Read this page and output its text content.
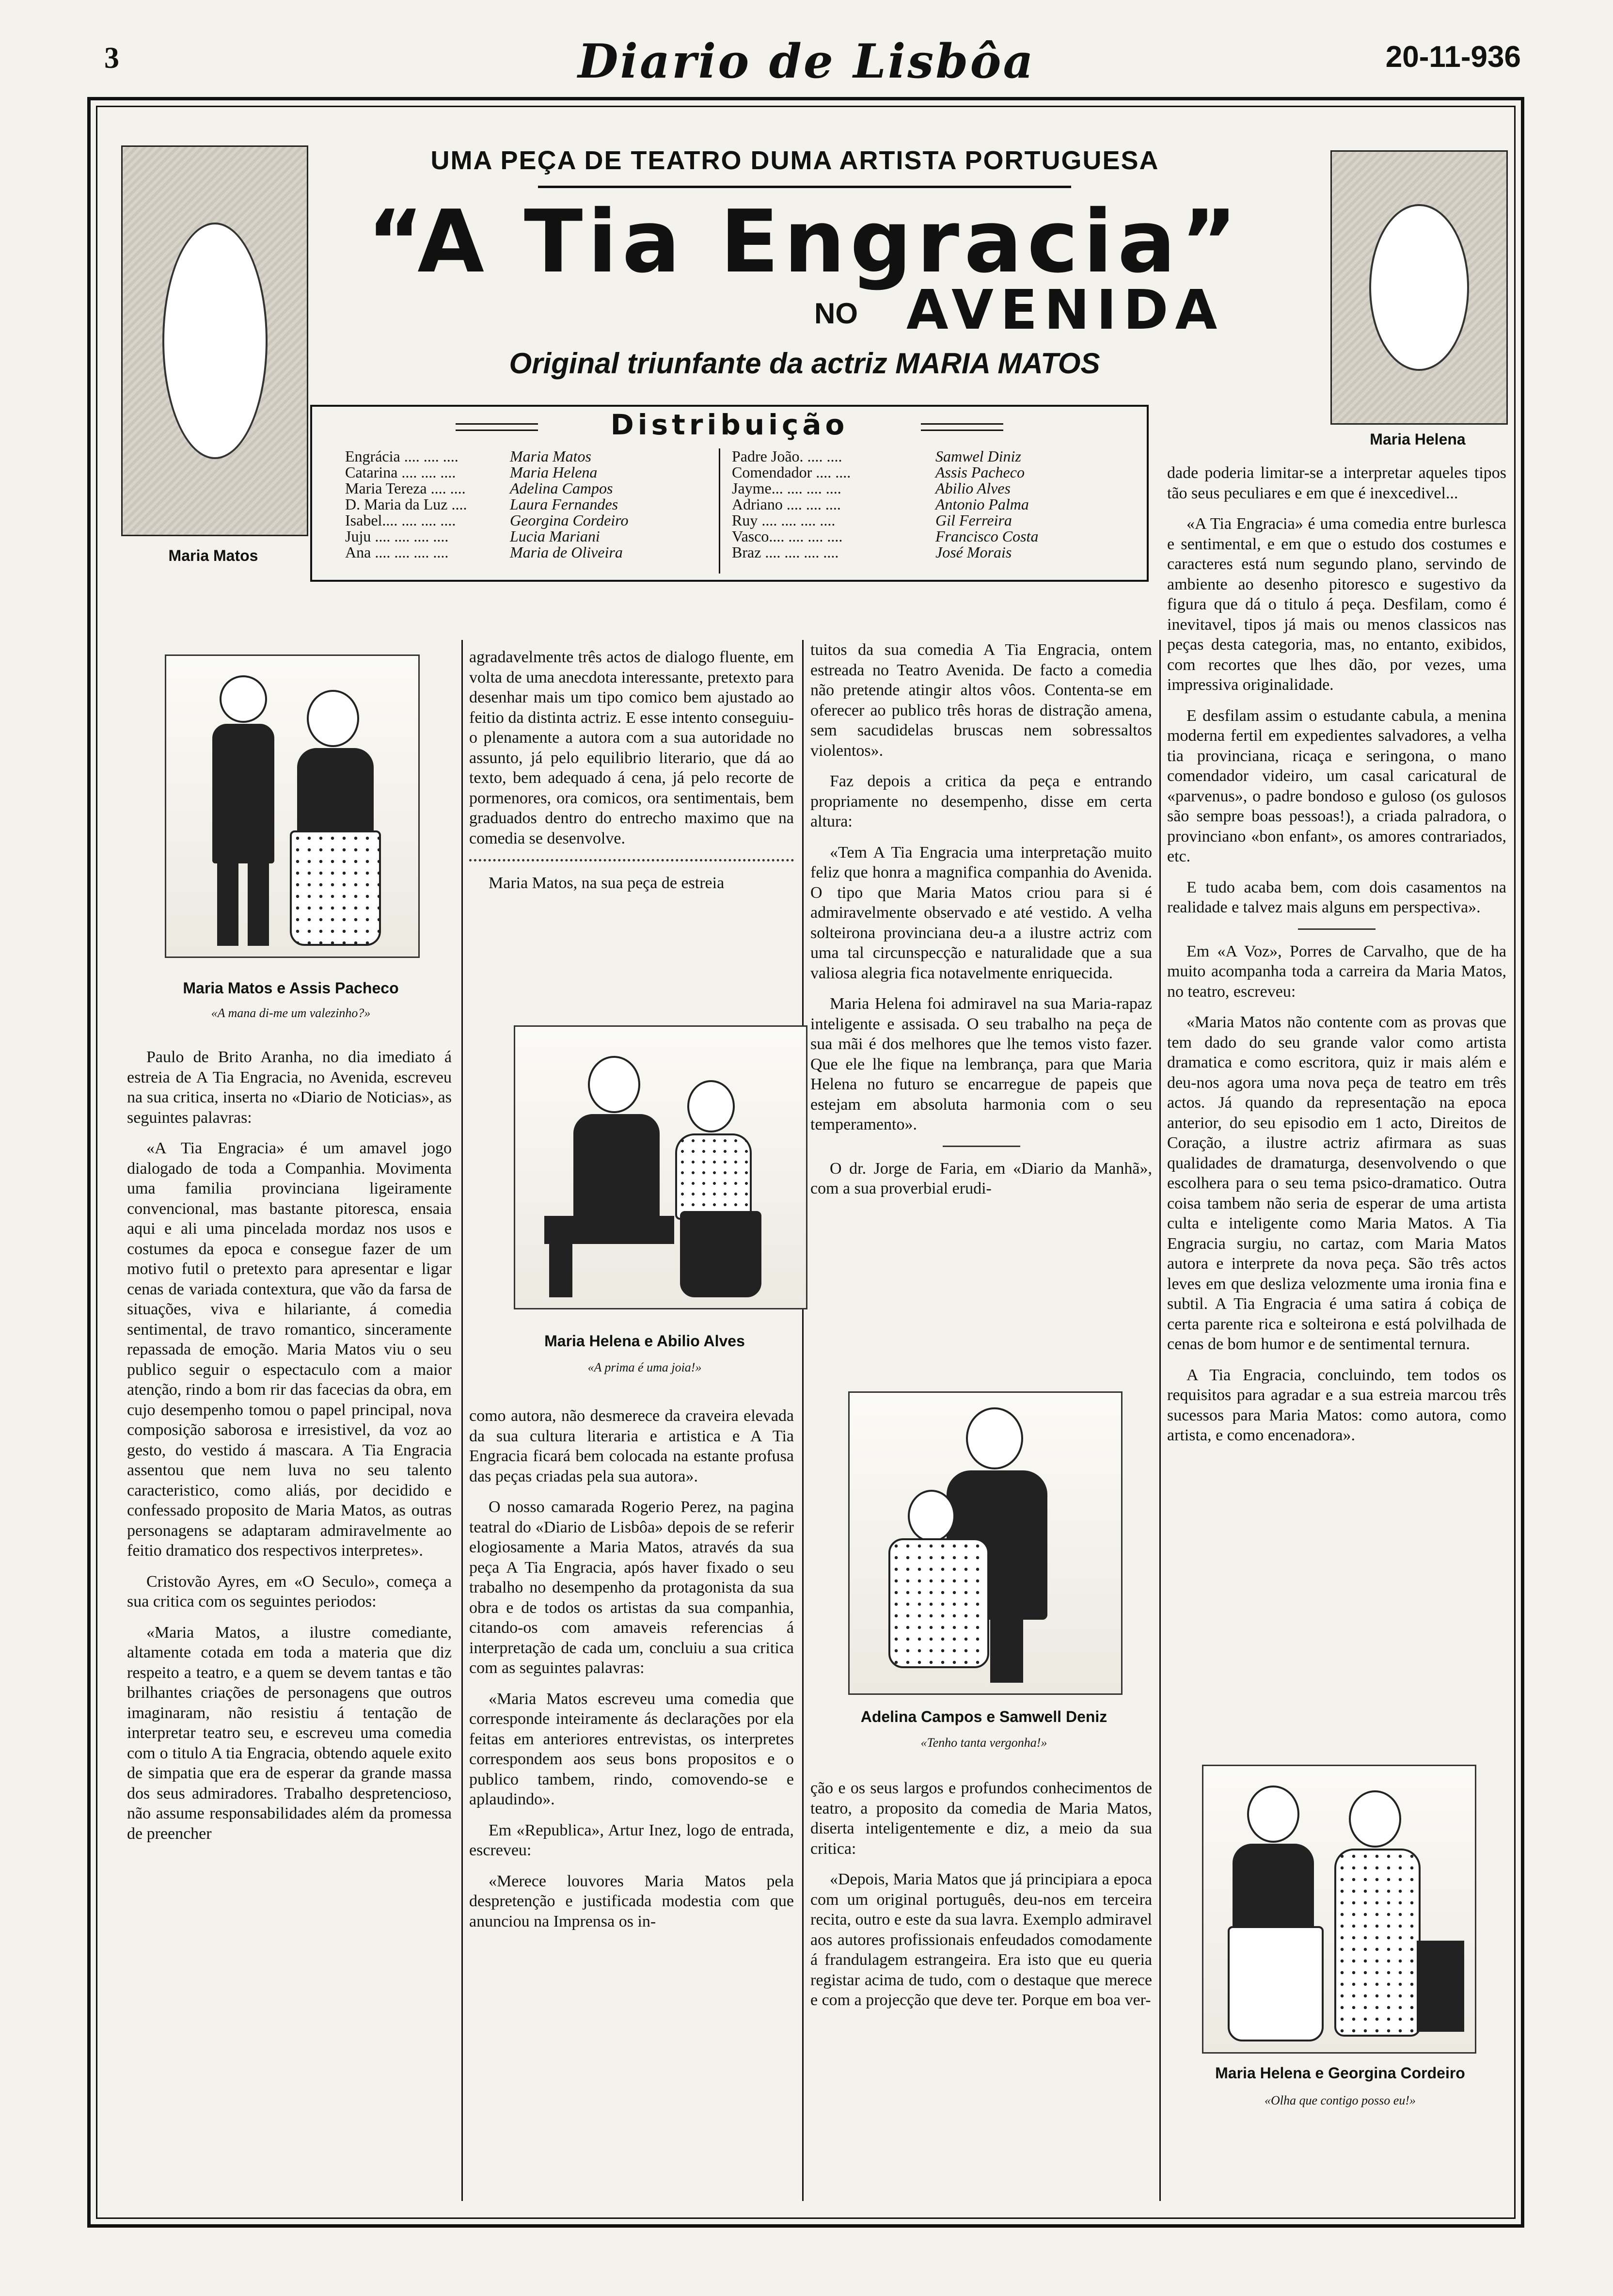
3	Diario de Lisbôa	20-11-936
Maria Matos
Maria Helena
UMA PEÇA DE TEATRO DUMA ARTISTA PORTUGUESA
“A Tia Engracia”
NO AVENIDA
Original triunfante da actriz MARIA MATOS
Distribuição
Engrácia .... .... ....	Maria Matos
Catarina .... .... ....	Maria Helena
Maria Tereza .... ....	Adelina Campos
D. Maria da Luz ....	Laura Fernandes
Isabel.... .... .... ....	Georgina Cordeiro
Juju .... .... .... ....	Lucia Mariani
Ana .... .... .... ....	Maria de Oliveira
Padre João. .... ....	Samwel Diniz
Comendador .... ....	Assis Pacheco
Jayme... .... .... ....	Abilio Alves
Adriano .... .... ....	Antonio Palma
Ruy .... .... .... ....	Gil Ferreira
Vasco.... .... .... ....	Francisco Costa
Braz .... .... .... ....	José Morais
Maria Matos e Assis Pacheco
«A mana di-me um valezinho?»
Maria Helena e Abilio Alves
«A prima é uma joia!»
Adelina Campos e Samwell Deniz
«Tenho tanta vergonha!»
Maria Helena e Georgina Cordeiro
«Olha que contigo posso eu!»

Paulo de Brito Aranha, no dia imediato á estreia de A Tia Engracia, no Avenida, escreveu na sua critica, inserta no «Diario de Noticias», as seguintes palavras:

«A Tia Engracia» é um amavel jogo dialogado de toda a Companhia. Movimenta uma familia provinciana ligeiramente convencional, mas bastante pitoresca, ensaia aqui e ali uma pincelada mordaz nos usos e costumes da epoca e consegue fazer de um motivo futil o pretexto para apresentar e ligar cenas de variada contextura, que vão da farsa de situações, viva e hilariante, á comedia sentimental, de travo romantico, sinceramente repassada de emoção. Maria Matos viu o seu publico seguir o espectaculo com a maior atenção, rindo a bom rir das facecias da obra, em cujo desempenho tomou o papel principal, nova composição saborosa e irresistivel, da voz ao gesto, do vestido á mascara. A Tia Engracia assentou que nem luva no seu talento caracteristico, como aliás, por decidido e confessado proposito de Maria Matos, as outras personagens se adaptaram admiravelmente ao feitio dramatico dos respectivos interpretes».

Cristovão Ayres, em «O Seculo», começa a sua critica com os seguintes periodos:

«Maria Matos, a ilustre comediante, altamente cotada em toda a materia que diz respeito a teatro, e a quem se devem tantas e tão brilhantes criações de personagens que outros imaginaram, não resistiu á tentação de interpretar teatro seu, e escreveu uma comedia com o titulo A tia Engracia, obtendo aquele exito de simpatia que era de esperar da grande massa dos seus admiradores. Trabalho despretencioso, não assume responsabilidades além da promessa de preencher

agradavelmente três actos de dialogo fluente, em volta de uma anecdota interessante, pretexto para desenhar mais um tipo comico bem ajustado ao feitio da distinta actriz. E esse intento conseguiu-o plenamente a autora com a sua autoridade no assunto, já pelo equilibrio literario, que dá ao texto, bem adequado á cena, já pelo recorte de pormenores, ora comicos, ora sentimentais, bem graduados dentro do entrecho maximo que na comedia se desenvolve.

Maria Matos, na sua peça de estreia

como autora, não desmerece da craveira elevada da sua cultura literaria e artistica e A Tia Engracia ficará bem colocada na estante profusa das peças criadas pela sua autora».

O nosso camarada Rogerio Perez, na pagina teatral do «Diario de Lisbôa» depois de se referir elogiosamente a Maria Matos, através da sua peça A Tia Engracia, após haver fixado o seu trabalho no desempenho da protagonista da sua obra e de todos os artistas da sua companhia, citando-os com amaveis referencias á interpretação de cada um, concluiu a sua critica com as seguintes palavras:

«Maria Matos escreveu uma comedia que corresponde inteiramente ás declarações por ela feitas em anteriores entrevistas, os interpretes correspondem aos seus bons propositos e o publico tambem, rindo, comovendo-se e aplaudindo».

Em «Republica», Artur Inez, logo de entrada, escreveu:

«Merece louvores Maria Matos pela despretenção e justificada modestia com que anunciou na Imprensa os in-

tuitos da sua comedia A Tia Engracia, ontem estreada no Teatro Avenida. De facto a comedia não pretende atingir altos vôos. Contenta-se em oferecer ao publico três horas de distração amena, sem sacudidelas bruscas nem sobressaltos violentos».

Faz depois a critica da peça e entrando propriamente no desempenho, disse em certa altura:

«Tem A Tia Engracia uma interpretação muito feliz que honra a magnifica companhia do Avenida. O tipo que Maria Matos criou para si é admiravelmente observado e até vestido. A velha solteirona provinciana deu-a a ilustre actriz com uma tal circunspecção e naturalidade que a sua valiosa alegria fica notavelmente enriquecida.

Maria Helena foi admiravel na sua Maria-rapaz inteligente e assisada. O seu trabalho na peça de sua mãi é dos melhores que lhe temos visto fazer. Que ele lhe fique na lembrança, para que Maria Helena no futuro se encarregue de papeis que estejam em absoluta harmonia com o seu temperamento».

O dr. Jorge de Faria, em «Diario da Manhã», com a sua proverbial erudi-

ção e os seus largos e profundos conhecimentos de teatro, a proposito da comedia de Maria Matos, diserta inteligentemente e diz, a meio da sua critica:

«Depois, Maria Matos que já principiara a epoca com um original português, deu-nos em terceira recita, outro e este da sua lavra. Exemplo admiravel aos autores profissionais enfeudados comodamente á frandulagem estrangeira. Era isto que eu queria registar acima de tudo, com o destaque que merece e com a projecção que deve ter. Porque em boa ver-

dade poderia limitar-se a interpretar aqueles tipos tão seus peculiares e em que é inexcedivel...

«A Tia Engracia» é uma comedia entre burlesca e sentimental, e em que o estudo dos costumes e caracteres está num segundo plano, servindo de ambiente ao desenho pitoresco e sugestivo da figura que dá o titulo á peça. Desfilam, como é inevitavel, tipos já mais ou menos classicos nas peças desta categoria, mas, no entanto, exibidos, com recortes que lhes dão, por vezes, uma impressiva originalidade.

E desfilam assim o estudante cabula, a menina moderna fertil em expedientes salvadores, a velha tia provinciana, ricaça e seringona, o mano comendador videiro, um casal caricatural de «parvenus», o padre bondoso e guloso (os gulosos são sempre boas pessoas!), a criada palradora, o provinciano «bon enfant», os amores contrariados, etc.

E tudo acaba bem, com dois casamentos na realidade e talvez mais alguns em perspectiva».

Em «A Voz», Porres de Carvalho, que de ha muito acompanha toda a carreira da Maria Matos, no teatro, escreveu:

«Maria Matos não contente com as provas que tem dado do seu grande valor como artista dramatica e como escritora, quiz ir mais além e deu-nos agora uma nova peça de teatro em três actos. Já quando da representação na epoca anterior, do seu episodio em 1 acto, Direitos de Coração, a ilustre actriz afirmara as suas qualidades de dramaturga, desenvolvendo o que escolhera para o seu tema psico-dramatico. Outra coisa tambem não seria de esperar de uma artista culta e inteligente como Maria Matos. A Tia Engracia surgiu, no cartaz, com Maria Matos autora e interprete da nova peça. São três actos leves em que desliza velozmente uma ironia fina e subtil. A Tia Engracia é uma satira á cobiça de certa parente rica e solteirona e está polvilhada de cenas de bom humor e de sentimental ternura.

A Tia Engracia, concluindo, tem todos os requisitos para agradar e a sua estreia marcou três sucessos para Maria Matos: como autora, como artista, e como encenadora».
